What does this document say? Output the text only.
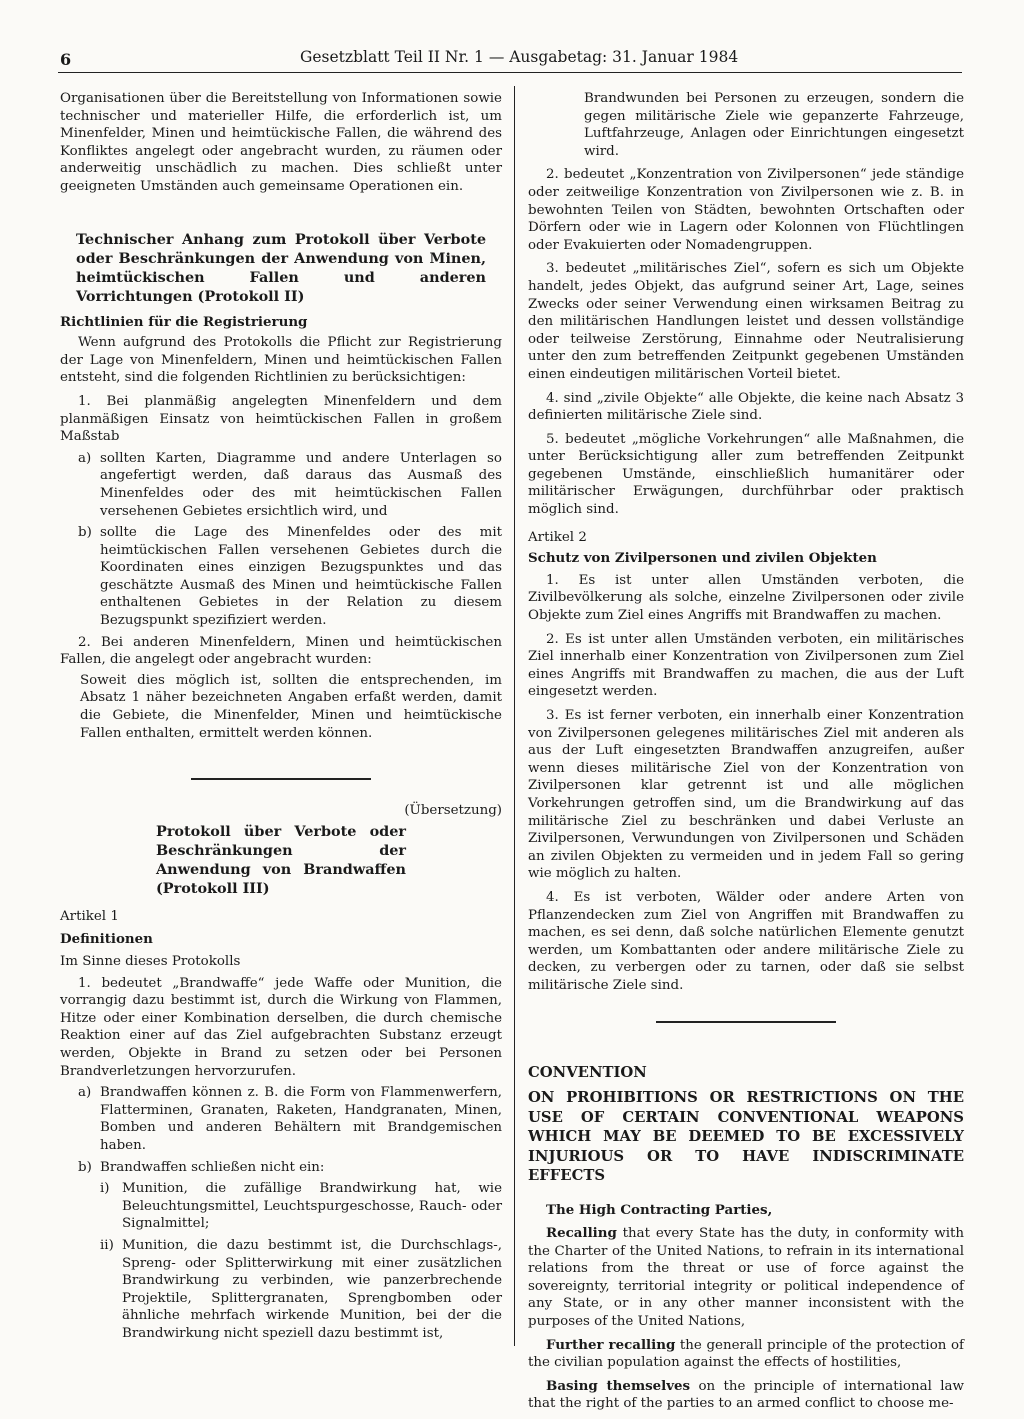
6	Gesetzblatt Teil II Nr. 1 — Ausgabetag: 31. Januar 1984

Organisationen über die Bereitstellung von Informationen sowie technischer und materieller Hilfe, die erforderlich ist, um Minenfelder, Minen und heimtückische Fallen, die während des Konfliktes angelegt oder angebracht wurden, zu räumen oder anderweitig unschädlich zu machen. Dies schließt unter geeigneten Umständen auch gemeinsame Operationen ein.

Technischer Anhang zum Protokoll über Verbote oder Beschränkungen der Anwendung von Minen, heimtückischen Fallen und anderen Vorrichtungen (Protokoll II)

Richtlinien für die Registrierung

Wenn aufgrund des Protokolls die Pflicht zur Registrierung der Lage von Minenfeldern, Minen und heimtückischen Fallen entsteht, sind die folgenden Richtlinien zu berücksichtigen:

1. Bei planmäßig angelegten Minenfeldern und dem planmäßigen Einsatz von heimtückischen Fallen in großem Maßstab

a) sollten Karten, Diagramme und andere Unterlagen so angefertigt werden, daß daraus das Ausmaß des Minenfeldes oder des mit heimtückischen Fallen versehenen Gebietes ersichtlich wird, und
b) sollte die Lage des Minenfeldes oder des mit heimtückischen Fallen versehenen Gebietes durch die Koordinaten eines einzigen Bezugspunktes und das geschätzte Ausmaß des Minen und heimtückische Fallen enthaltenen Gebietes in der Relation zu diesem Bezugspunkt spezifiziert werden.

2. Bei anderen Minenfeldern, Minen und heimtückischen Fallen, die angelegt oder angebracht wurden:

Soweit dies möglich ist, sollten die entsprechenden, im Absatz 1 näher bezeichneten Angaben erfaßt werden, damit die Gebiete, die Minenfelder, Minen und heimtückische Fallen enthalten, ermittelt werden können.

(Übersetzung)

Protokoll über Verbote oder Beschränkungen der Anwendung von Brandwaffen (Protokoll III)

Artikel 1

Definitionen

Im Sinne dieses Protokolls

1. bedeutet „Brandwaffe“ jede Waffe oder Munition, die vorrangig dazu bestimmt ist, durch die Wirkung von Flammen, Hitze oder einer Kombination derselben, die durch chemische Reaktion einer auf das Ziel aufgebrachten Substanz erzeugt werden, Objekte in Brand zu setzen oder bei Personen Brandverletzungen hervorzurufen.

a) Brandwaffen können z. B. die Form von Flammenwerfern, Flatterminen, Granaten, Raketen, Handgranaten, Minen, Bomben und anderen Behältern mit Brandgemischen haben.
b) Brandwaffen schließen nicht ein:
i) Munition, die zufällige Brandwirkung hat, wie Beleuchtungsmittel, Leuchtspurgeschosse, Rauch- oder Signalmittel;
ii) Munition, die dazu bestimmt ist, die Durchschlags-, Spreng- oder Splitterwirkung mit einer zusätzlichen Brandwirkung zu verbinden, wie panzerbrechende Projektile, Splittergranaten, Sprengbomben oder ähnliche mehrfach wirkende Munition, bei der die Brandwirkung nicht speziell dazu bestimmt ist,

Brandwunden bei Personen zu erzeugen, sondern die gegen militärische Ziele wie gepanzerte Fahrzeuge, Luftfahrzeuge, Anlagen oder Einrichtungen eingesetzt wird.

2. bedeutet „Konzentration von Zivilpersonen“ jede ständige oder zeitweilige Konzentration von Zivilpersonen wie z. B. in bewohnten Teilen von Städten, bewohnten Ortschaften oder Dörfern oder wie in Lagern oder Kolonnen von Flüchtlingen oder Evakuierten oder Nomadengruppen.

3. bedeutet „militärisches Ziel“, sofern es sich um Objekte handelt, jedes Objekt, das aufgrund seiner Art, Lage, seines Zwecks oder seiner Verwendung einen wirksamen Beitrag zu den militärischen Handlungen leistet und dessen vollständige oder teilweise Zerstörung, Einnahme oder Neutralisierung unter den zum betreffenden Zeitpunkt gegebenen Umständen einen eindeutigen militärischen Vorteil bietet.

4. sind „zivile Objekte“ alle Objekte, die keine nach Absatz 3 definierten militärische Ziele sind.

5. bedeutet „mögliche Vorkehrungen“ alle Maßnahmen, die unter Berücksichtigung aller zum betreffenden Zeitpunkt gegebenen Umstände, einschließlich humanitärer oder militärischer Erwägungen, durchführbar oder praktisch möglich sind.

Artikel 2

Schutz von Zivilpersonen und zivilen Objekten

1. Es ist unter allen Umständen verboten, die Zivilbevölkerung als solche, einzelne Zivilpersonen oder zivile Objekte zum Ziel eines Angriffs mit Brandwaffen zu machen.

2. Es ist unter allen Umständen verboten, ein militärisches Ziel innerhalb einer Konzentration von Zivilpersonen zum Ziel eines Angriffs mit Brandwaffen zu machen, die aus der Luft eingesetzt werden.

3. Es ist ferner verboten, ein innerhalb einer Konzentration von Zivilpersonen gelegenes militärisches Ziel mit anderen als aus der Luft eingesetzten Brandwaffen anzugreifen, außer wenn dieses militärische Ziel von der Konzentration von Zivilpersonen klar getrennt ist und alle möglichen Vorkehrungen getroffen sind, um die Brandwirkung auf das militärische Ziel zu beschränken und dabei Verluste an Zivilpersonen, Verwundungen von Zivilpersonen und Schäden an zivilen Objekten zu vermeiden und in jedem Fall so gering wie möglich zu halten.

4. Es ist verboten, Wälder oder andere Arten von Pflanzendecken zum Ziel von Angriffen mit Brandwaffen zu machen, es sei denn, daß solche natürlichen Elemente genutzt werden, um Kombattanten oder andere militärische Ziele zu decken, zu verbergen oder zu tarnen, oder daß sie selbst militärische Ziele sind.

CONVENTION

ON PROHIBITIONS OR RESTRICTIONS ON THE USE OF CERTAIN CONVENTIONAL WEAPONS WHICH MAY BE DEEMED TO BE EXCESSIVELY INJURIOUS OR TO HAVE INDISCRIMINATE EFFECTS

The High Contracting Parties,

Recalling that every State has the duty, in conformity with the Charter of the United Nations, to refrain in its international relations from the threat or use of force against the sovereignty, territorial integrity or political independence of any State, or in any other manner inconsistent with the purposes of the United Nations,

Further recalling the generall principle of the protection of the civilian population against the effects of hostilities,

Basing themselves on the principle of international law that the right of the parties to an armed conflict to choose me-
